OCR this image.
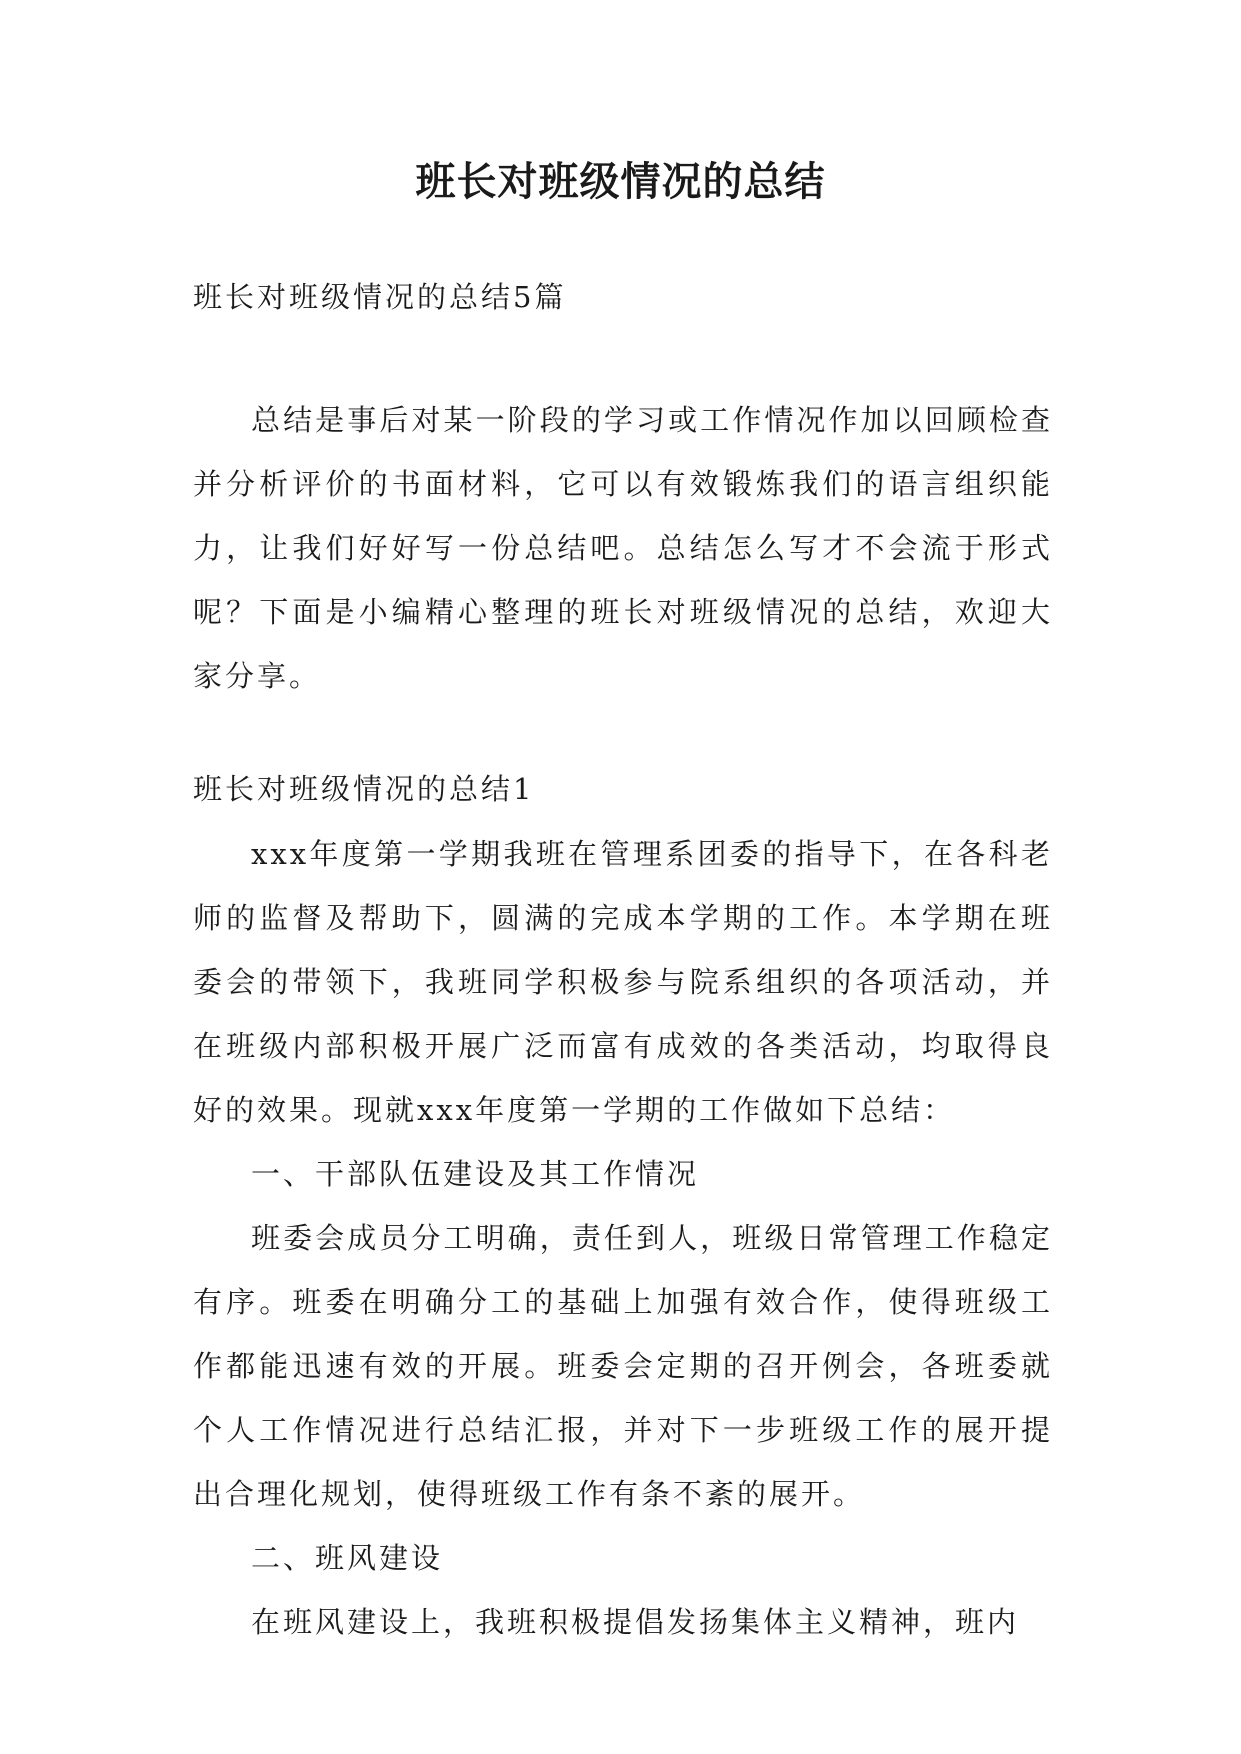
班长对班级情况的总结

班长对班级情况的总结5篇

总结是事后对某一阶段的学习或工作情况作加以回顾检查并分析评价的书面材料，它可以有效锻炼我们的语言组织能力，让我们好好写一份总结吧。总结怎么写才不会流于形式呢？下面是小编精心整理的班长对班级情况的总结，欢迎大家分享。

班长对班级情况的总结1

xxx年度第一学期我班在管理系团委的指导下，在各科老师的监督及帮助下，圆满的完成本学期的工作。本学期在班委会的带领下，我班同学积极参与院系组织的各项活动，并在班级内部积极开展广泛而富有成效的各类活动，均取得良好的效果。现就xxx年度第一学期的工作做如下总结：

一、干部队伍建设及其工作情况

班委会成员分工明确，责任到人，班级日常管理工作稳定有序。班委在明确分工的基础上加强有效合作，使得班级工作都能迅速有效的开展。班委会定期的召开例会，各班委就个人工作情况进行总结汇报，并对下一步班级工作的展开提出合理化规划，使得班级工作有条不紊的展开。

二、班风建设

在班风建设上，我班积极提倡发扬集体主义精神，班内
